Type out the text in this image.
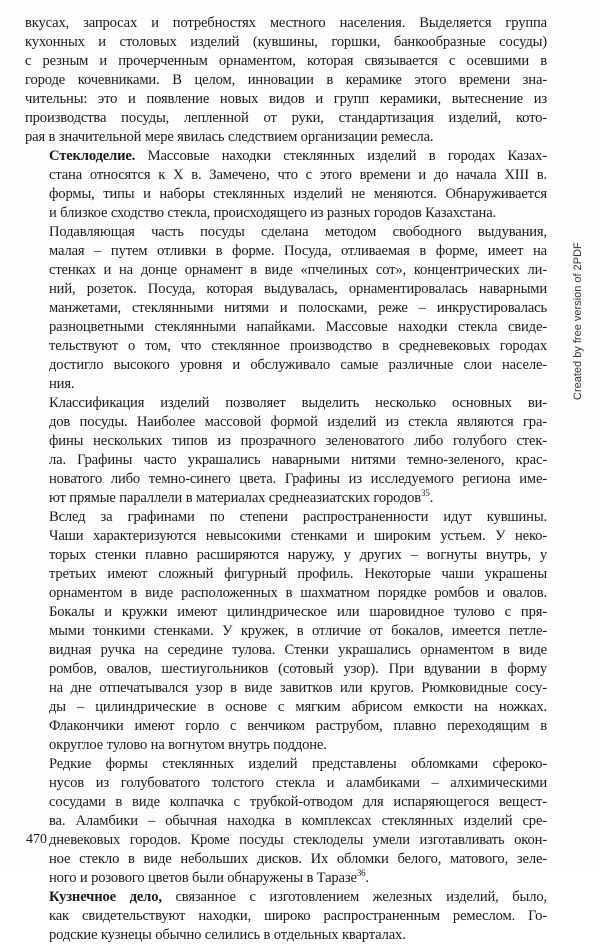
вкусах, запросах и потребностях местного населения. Выделяется группа
кухонных и столовых изделий (кувшины, горшки, банкообразные сосуды)
с резным и прочерченным орнаментом, которая связывается с осевшими в
городе кочевниками. В целом, инновации в керамике этого времени зна-
чительны: это и появление новых видов и групп керамики, вытеснение из
производства посуды, лепленной от руки, стандартизация изделий, кото-
рая в значительной мере явилась следствием организации ремесла.

Стеклоделие. Массовые находки стеклянных изделий в городах Казах-
стана относятся к X в. Замечено, что с этого времени и до начала XIII в.
формы, типы и наборы стеклянных изделий не меняются. Обнаруживается
и близкое сходство стекла, происходящего из разных городов Казахстана.

Подавляющая часть посуды сделана методом свободного выдувания,
малая – путем отливки в форме. Посуда, отливаемая в форме, имеет на
стенках и на донце орнамент в виде «пчелиных сот», концентрических ли-
ний, розеток. Посуда, которая выдувалась, орнаментировалась наварными
манжетами, стеклянными нитями и полосками, реже – инкрустировалась
разноцветными стеклянными напайками. Массовые находки стекла свиде-
тельствуют о том, что стеклянное производство в средневековых городах
достигло высокого уровня и обслуживало самые различные слои населе-
ния.

Классификация изделий позволяет выделить несколько основных ви-
дов посуды. Наиболее массовой формой изделий из стекла являются гра-
фины нескольких типов из прозрачного зеленоватого либо голубого стек-
ла. Графины часто украшались наварными нитями темно-зеленого, крас-
новатого либо темно-синего цвета. Графины из исследуемого региона име-
ют прямые параллели в материалах среднеазиатских городов$^{35}$.

Вслед за графинами по степени распространенности идут кувшины.
Чаши характеризуются невысокими стенками и широким устьем. У неко-
торых стенки плавно расширяются наружу, у других – вогнуты внутрь, у
третьих имеют сложный фигурный профиль. Некоторые чаши украшены
орнаментом в виде расположенных в шахматном порядке ромбов и овалов.
Бокалы и кружки имеют цилиндрическое или шаровидное тулово с пря-
мыми тонкими стенками. У кружек, в отличие от бокалов, имеется петле-
видная ручка на середине тулова. Стенки украшались орнаментом в виде
ромбов, овалов, шестиугольников (сотовый узор). При вдувании в форму
на дне отпечатывался узор в виде завитков или кругов. Рюмковидные сосу-
ды – цилиндрические в основе с мягким абрисом емкости на ножках.
Флакончики имеют горло с венчиком раструбом, плавно переходящим в
округлое тулово на вогнутом внутрь поддоне.

Редкие формы стеклянных изделий представлены обломками сфероко-
нусов из голубоватого толстого стекла и аламбиками – алхимическими
сосудами в виде колпачка с трубкой-отводом для испаряющегося вещест-
ва. Аламбики – обычная находка в комплексах стеклянных изделий сре-
дневековых городов. Кроме посуды стеклоделы умели изготавливать окон-
ное стекло в виде небольших дисков. Их обломки белого, матового, зеле-
ного и розового цветов были обнаружены в Таразе$^{36}$.

Кузнечное дело, связанное с изготовлением железных изделий, было,
как свидетельствуют находки, широко распространенным ремеслом. Го-
родские кузнецы обычно селились в отдельных кварталах.

470
Created by free version of 2PDF
